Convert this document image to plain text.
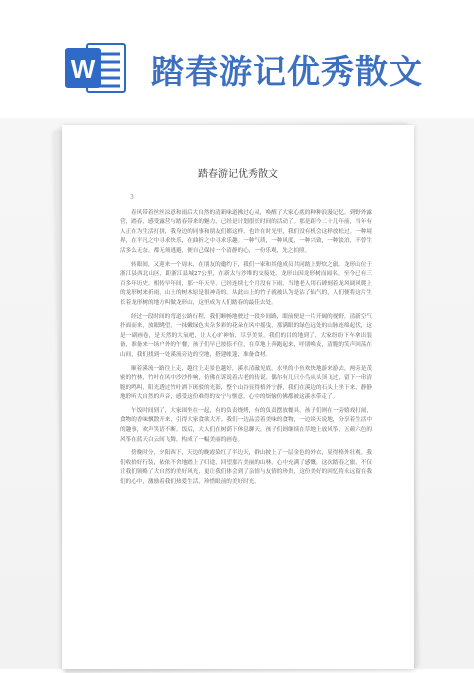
W 踏春游记优秀散文
踏春游记优秀散文
3

春风带着丝丝凉意和雨后大自然的清新味道拂过心灵，唤醒了大家心底的种种浪漫记忆。到野外露营，踏春，感受露营与踏春带来的魅力，已经是计划很长时间的活动了。那是距今二十几年前，当年有人正在为生活打拼，我身边的同事和朋友们都这样，也许在时光里，我们没有机会这样放松过。一种境界，在平凡之中寻求快乐，在曲折之中寻求乐趣。一种气质，一种风度，一种兴致，一种淡泊，不曾生活多么无奈，都无须逃避，便自己保持一个清静的心，一份乐观，先之拍照。

转眼间，又迎来一个周末，在朋友的邀约下，我们一家和其他成员共同踏上野炊之旅。龙形山位于浙江县西北山区，距浙江县城27公里，在新太与沙堆的交接处，龙形山因龙形树而闻名。至今已有三百多年历史。相传早年间，那一年天旱，已经连续七个月没有下雨，当地老人用石碑刻着龙风调风爬上的龙形树来祈雨，山上的树木原是很神奇的。从此山上的竹子就被认为是沾了仙气的，人们便将这片生长着龙形树的地方叫做龙形山，这里成为人们踏春的最佳去处。

经过一段时间的弯道公路行程，我们顺畅地驶过一段乡间路，眼前便是一片开阔的视野，清新空气扑面而来，放眼眺望，一抹嫩绿色夹杂多彩的花朵在风中摇曳，那满眼的绿色远处的山脉连绵起伏，这是一副画卷，是天然的大氧吧，让人心旷神怡，尽享美景。我们的目的地到了，大家纷纷下车拿出装备，准备来一场户外的午餐，孩子们早已按捺不住，在草地上奔跑起来，呼朋唤友，清脆的笑声回荡在山间，我们找到一处溪流旁边的空地，搭建帐篷，准备食材。

顺着溪流一路往上走，越往上走景色越好，溪水清澈见底，水里的小鱼欢快地游来游去，两旁是茂密的竹林，竹叶在风中沙沙作响，仿佛在诉说着古老的传说。偶尔有几只小鸟从头顶飞过，留下一串清脆的鸣叫，阳光透过竹叶洒下斑驳的光影，整个山谷显得格外宁静，我们在溪边的石头上坐下来，静静地聆听大自然的声音，感受这份难得的安宁与惬意，心中的烦恼仿佛都被这溪水带走了。

午饭时间到了，大家围坐在一起，有的负责烧烤，有的负责摆放餐具，孩子们则在一旁嬉戏打闹，食物的香味飘散开来，引得大家食欲大开。我们一边品尝着美味的食物，一边谈天说地，分享着生活中的趣事，欢声笑语不断。饭后，大人们在树荫下休息聊天，孩子们则继续在草地上放风筝，五颜六色的风筝在蓝天白云间飞舞，构成了一幅美丽的画卷。

傍晚时分，夕阳西下，天边的晚霞染红了半边天，群山披上了一层金色的外衣，显得格外壮观。我们收拾好行装，依依不舍地踏上了归途，回望那片美丽的山林，心中充满了感慨。这次踏春之旅，不仅让我们领略了大自然的美好风光，更让我们体会到了亲情与友情的珍贵，这份美好的回忆将永远留在我们的心中，激励着我们热爱生活，珍惜眼前的美好时光。
